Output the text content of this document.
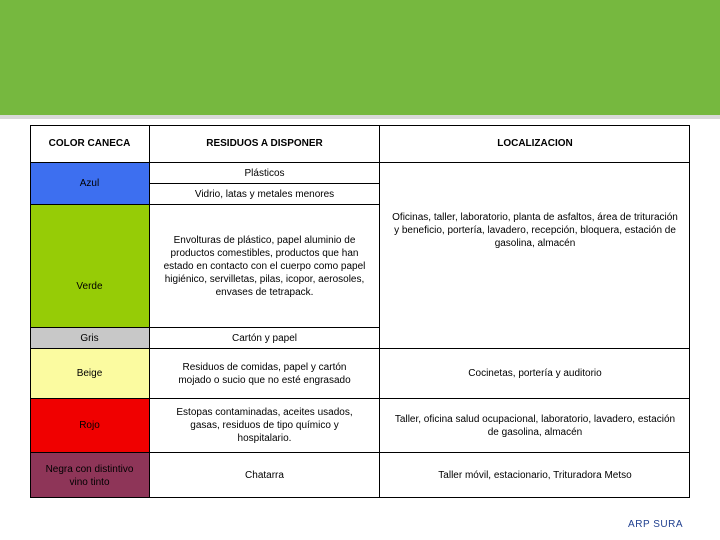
COLOR CANECA	RESIDUOS A DISPONER	LOCALIZACION
Azul
Verde
Gris
Beige
Rojo
Negra con distintivo vino tinto
Plásticos
Vidrio, latas y metales menores
Envolturas de plástico, papel aluminio de productos comestibles, productos que han estado en contacto con el cuerpo como papel higiénico, servilletas, pilas, icopor, aerosoles, envases de tetrapack.
Cartón y papel
Residuos de comidas, papel y cartón mojado o sucio que no esté engrasado
Estopas contaminadas, aceites usados, gasas, residuos de tipo químico y hospitalario.
Chatarra
Oficinas, taller, laboratorio, planta de asfaltos, área de trituración y beneficio, portería, lavadero, recepción, bloquera, estación de gasolina, almacén
Cocinetas, portería y auditorio
Taller, oficina salud ocupacional, laboratorio, lavadero, estación de gasolina, almacén
Taller móvil, estacionario, Trituradora Metso
ARP SURA
